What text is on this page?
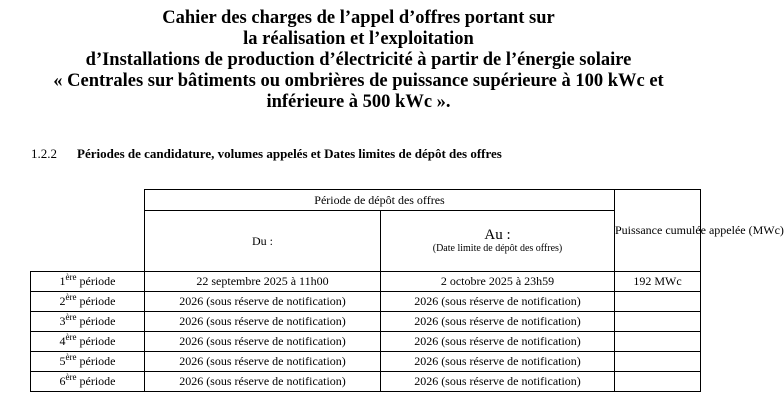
Cahier des charges de l’appel d’offres portant sur
la réalisation et l’exploitation
d’Installations de production d’électricité à partir de l’énergie solaire
« Centrales sur bâtiments ou ombrières de puissance supérieure à 100 kWc et
inférieure à 500 kWc ».
1.2.2 Périodes de candidature, volumes appelés et Dates limites de dépôt des offres
	Période de dépôt des offres		Puissance cumulée appelée (MWc)
	Du :	Au :
(Date limite de dépôt des offres)	

1ère période	22 septembre 2025 à 11h00	2 octobre 2025 à 23h59	192 MWc
2ère période	2026 (sous réserve de notification)	2026 (sous réserve de notification)	
3ère période	2026 (sous réserve de notification)	2026 (sous réserve de notification)	
4ère période	2026 (sous réserve de notification)	2026 (sous réserve de notification)	
5ère période	2026 (sous réserve de notification)	2026 (sous réserve de notification)	
6ère période	2026 (sous réserve de notification)	2026 (sous réserve de notification)	
